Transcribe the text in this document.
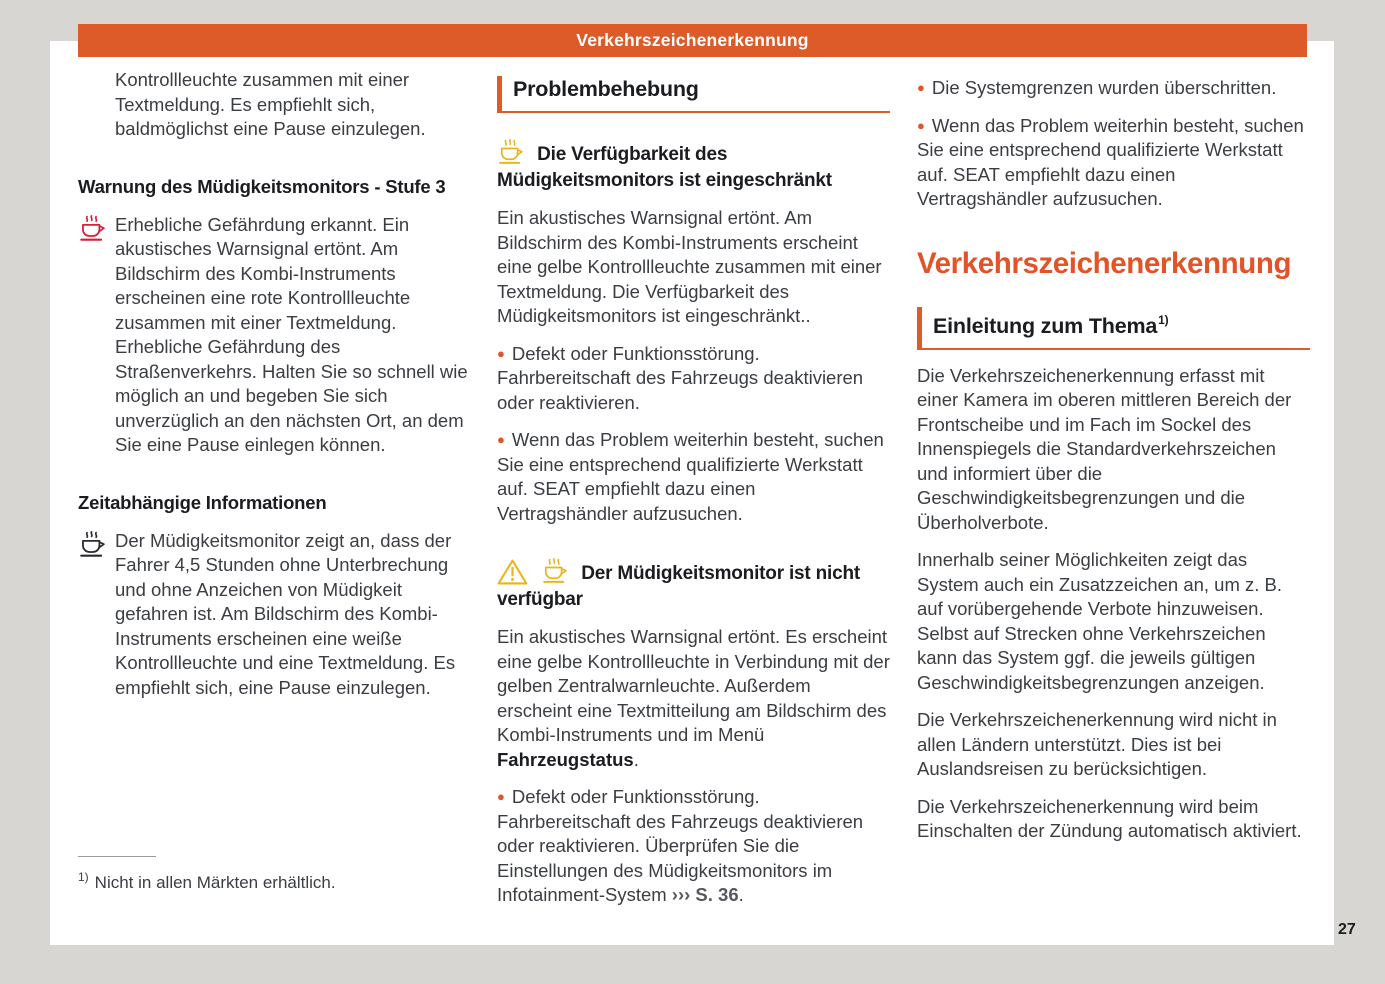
Verkehrszeichenerkennung

Kontrollleuchte zusammen mit einer Textmeldung. Es empfiehlt sich, baldmöglichst eine Pause einzulegen.

Warnung des Müdigkeitsmonitors - Stufe 3
Erhebliche Gefährdung erkannt. Ein akustisches Warnsignal ertönt. Am Bildschirm des Kombi-Instruments erscheinen eine rote Kontrollleuchte zusammen mit einer Textmeldung. Erhebliche Gefährdung des Straßenverkehrs. Halten Sie so schnell wie möglich an und begeben Sie sich unverzüglich an den nächsten Ort, an dem Sie eine Pause einlegen können.
Zeitabhängige Informationen
Der Müdigkeitsmonitor zeigt an, dass der Fahrer 4,5 Stunden ohne Unterbrechung und ohne Anzeichen von Müdigkeit gefahren ist. Am Bildschirm des Kombi-Instruments erscheinen eine weiße Kontrollleuchte und eine Textmeldung. Es empfiehlt sich, eine Pause einzulegen.
Problembehebung
Die Verfügbarkeit des Müdigkeitsmonitors ist eingeschränkt

Ein akustisches Warnsignal ertönt. Am Bildschirm des Kombi-Instruments erscheint eine gelbe Kontrollleuchte zusammen mit einer Textmeldung. Die Verfügbarkeit des Müdigkeitsmonitors ist eingeschränkt..

● Defekt oder Funktionsstörung. Fahrbereitschaft des Fahrzeugs deaktivieren oder reaktivieren.

● Wenn das Problem weiterhin besteht, suchen Sie eine entsprechend qualifizierte Werkstatt auf. SEAT empfiehlt dazu einen Vertragshändler aufzusuchen.

Der Müdigkeitsmonitor ist nicht verfügbar

Ein akustisches Warnsignal ertönt. Es erscheint eine gelbe Kontrollleuchte in Verbindung mit der gelben Zentralwarnleuchte. Außerdem erscheint eine Textmitteilung am Bildschirm des Kombi-Instruments und im Menü Fahrzeugstatus.

● Defekt oder Funktionsstörung. Fahrbereitschaft des Fahrzeugs deaktivieren oder reaktivieren. Überprüfen Sie die Einstellungen des Müdigkeitsmonitors im Infotainment-System ››› S. 36.

● Die Systemgrenzen wurden überschritten.

● Wenn das Problem weiterhin besteht, suchen Sie eine entsprechend qualifizierte Werkstatt auf. SEAT empfiehlt dazu einen Vertragshändler aufzusuchen.

Verkehrszeichenerkennung
Einleitung zum Thema$^{1)}$

Die Verkehrszeichenerkennung erfasst mit einer Kamera im oberen mittleren Bereich der Frontscheibe und im Fach im Sockel des Innenspiegels die Standardverkehrszeichen und informiert über die Geschwindigkeitsbegrenzungen und die Überholverbote.

Innerhalb seiner Möglichkeiten zeigt das System auch ein Zusatzzeichen an, um z. B. auf vorübergehende Verbote hinzuweisen. Selbst auf Strecken ohne Verkehrszeichen kann das System ggf. die jeweils gültigen Geschwindigkeitsbegrenzungen anzeigen.

Die Verkehrszeichenerkennung wird nicht in allen Ländern unterstützt. Dies ist bei Auslandsreisen zu berücksichtigen.

Die Verkehrszeichenerkennung wird beim Einschalten der Zündung automatisch aktiviert.

$^{1)}$ Nicht in allen Märkten erhältlich.
27
